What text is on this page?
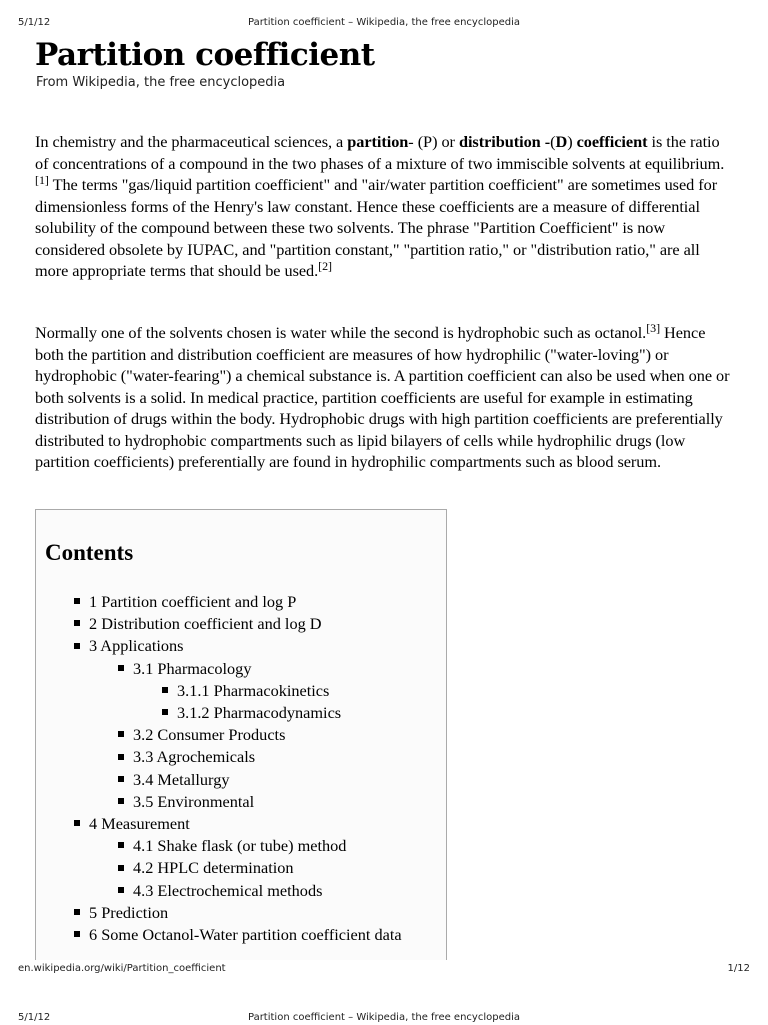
5/1/12	Partition coefficient – Wikipedia, the free encyclopedia
Partition coefficient
From Wikipedia, the free encyclopedia

In chemistry and the pharmaceutical sciences, a partition- (P) or distribution -(D) coefficient is the ratio of concentrations of a compound in the two phases of a mixture of two immiscible solvents at equilibrium.[1] The terms "gas/liquid partition coefficient" and "air/water partition coefficient" are sometimes used for dimensionless forms of the Henry's law constant. Hence these coefficients are a measure of differential solubility of the compound between these two solvents. The phrase "Partition Coefficient" is now considered obsolete by IUPAC, and "partition constant," "partition ratio," or "distribution ratio," are all more appropriate terms that should be used.[2]

Normally one of the solvents chosen is water while the second is hydrophobic such as octanol.[3] Hence both the partition and distribution coefficient are measures of how hydrophilic ("water-loving") or hydrophobic ("water-fearing") a chemical substance is. A partition coefficient can also be used when one or both solvents is a solid. In medical practice, partition coefficients are useful for example in estimating distribution of drugs within the body. Hydrophobic drugs with high partition coefficients are preferentially distributed to hydrophobic compartments such as lipid bilayers of cells while hydrophilic drugs (low partition coefficients) preferentially are found in hydrophilic compartments such as blood serum.

Contents
1 Partition coefficient and log P
2 Distribution coefficient and log D
3 Applications
3.1 Pharmacology
3.1.1 Pharmacokinetics
3.1.2 Pharmacodynamics
3.2 Consumer Products
3.3 Agrochemicals
3.4 Metallurgy
3.5 Environmental
4 Measurement
4.1 Shake flask (or tube) method
4.2 HPLC determination
4.3 Electrochemical methods
5 Prediction
6 Some Octanol-Water partition coefficient data
en.wikipedia.org/wiki/Partition_coefficient	1/12
5/1/12	Partition coefficient – Wikipedia, the free encyclopedia
